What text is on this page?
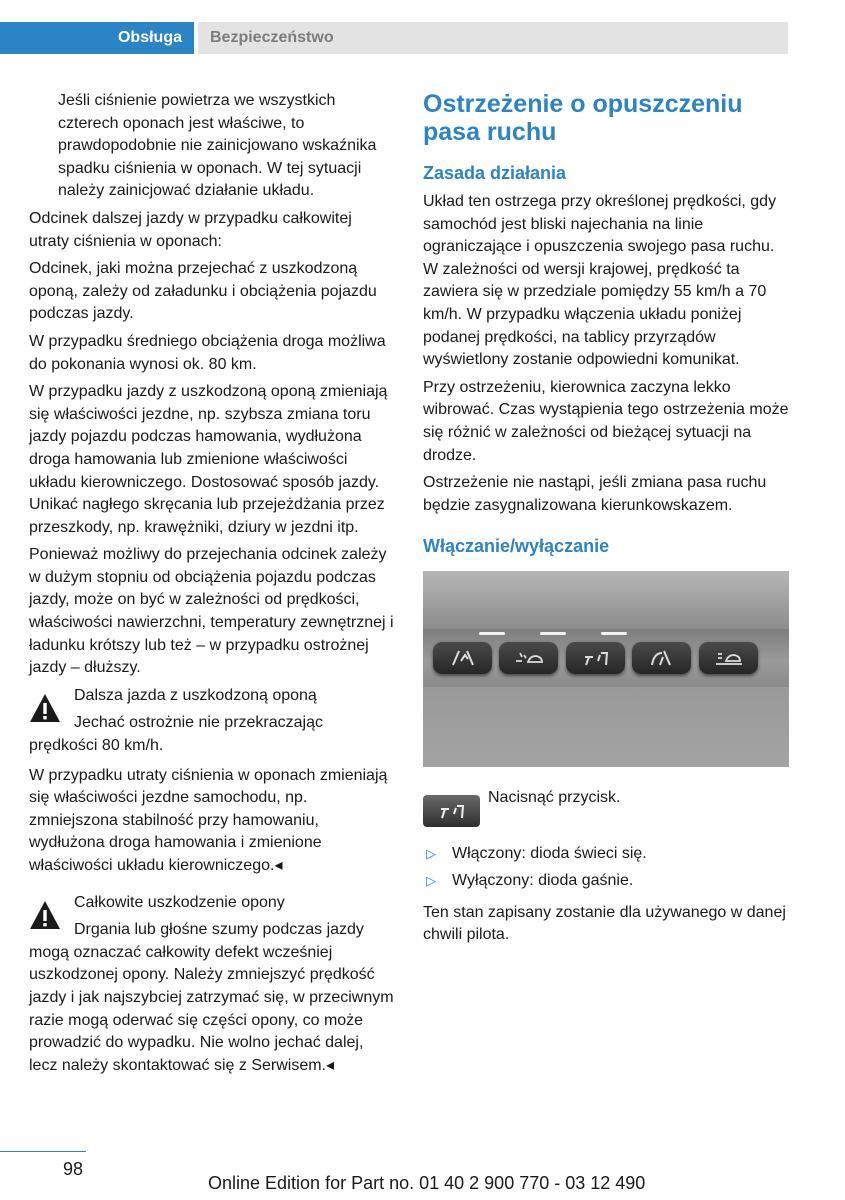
Obsługa	Bezpieczeństwo

Jeśli ciśnienie powietrza we wszystkich czterech oponach jest właściwe, to prawdopodobnie nie zainicjowano wskaźnika spadku ciśnienia w oponach. W tej sytuacji należy zainicjować działanie układu.

Odcinek dalszej jazdy w przypadku całkowitej utraty ciśnienia w oponach:

Odcinek, jaki można przejechać z uszkodzoną oponą, zależy od załadunku i obciążenia pojazdu podczas jazdy.

W przypadku średniego obciążenia droga możliwa do pokonania wynosi ok. 80 km.

W przypadku jazdy z uszkodzoną oponą zmieniają się właściwości jezdne, np. szybsza zmiana toru jazdy pojazdu podczas hamowania, wydłużona droga hamowania lub zmienione właściwości układu kierowniczego. Dostosować sposób jazdy. Unikać nagłego skręcania lub przejeżdżania przez przeszkody, np. krawężniki, dziury w jezdni itp.

Ponieważ możliwy do przejechania odcinek zależy w dużym stopniu od obciążenia pojazdu podczas jazdy, może on być w zależności od prędkości, właściwości nawierzchni, temperatury zewnętrznej i ładunku krótszy lub też – w przypadku ostrożnej jazdy – dłuższy.

Dalsza jazda z uszkodzoną oponą

Jechać ostrożnie nie przekraczając prędkości 80 km/h.

W przypadku utraty ciśnienia w oponach zmieniają się właściwości jezdne samochodu, np. zmniejszona stabilność przy hamowaniu, wydłużona droga hamowania i zmienione właściwości układu kierowniczego.◂

Całkowite uszkodzenie opony

Drgania lub głośne szumy podczas jazdy mogą oznaczać całkowity defekt wcześniej uszkodzonej opony. Należy zmniejszyć prędkość jazdy i jak najszybciej zatrzymać się, w przeciwnym razie mogą oderwać się części opony, co może prowadzić do wypadku. Nie wolno jechać dalej, lecz należy skontaktować się z Serwisem.◂

Ostrzeżenie o opuszczeniu pasa ruchu
Zasada działania

Układ ten ostrzega przy określonej prędkości, gdy samochód jest bliski najechania na linie ograniczające i opuszczenia swojego pasa ruchu. W zależności od wersji krajowej, prędkość ta zawiera się w przedziale pomiędzy 55 km/h a 70 km/h. W przypadku włączenia układu poniżej podanej prędkości, na tablicy przyrządów wyświetlony zostanie odpowiedni komunikat.

Przy ostrzeżeniu, kierownica zaczyna lekko wibrować. Czas wystąpienia tego ostrzeżenia może się różnić w zależności od bieżącej sytuacji na drodze.

Ostrzeżenie nie nastąpi, jeśli zmiana pasa ruchu będzie zasygnalizowana kierunkowskazem.

Włączanie/wyłączanie

Nacisnąć przycisk.

▷ Włączony: dioda świeci się.
▷ Wyłączony: dioda gaśnie.

Ten stan zapisany zostanie dla używanego w danej chwili pilota.

98
Online Edition for Part no. 01 40 2 900 770 - 03 12 490
